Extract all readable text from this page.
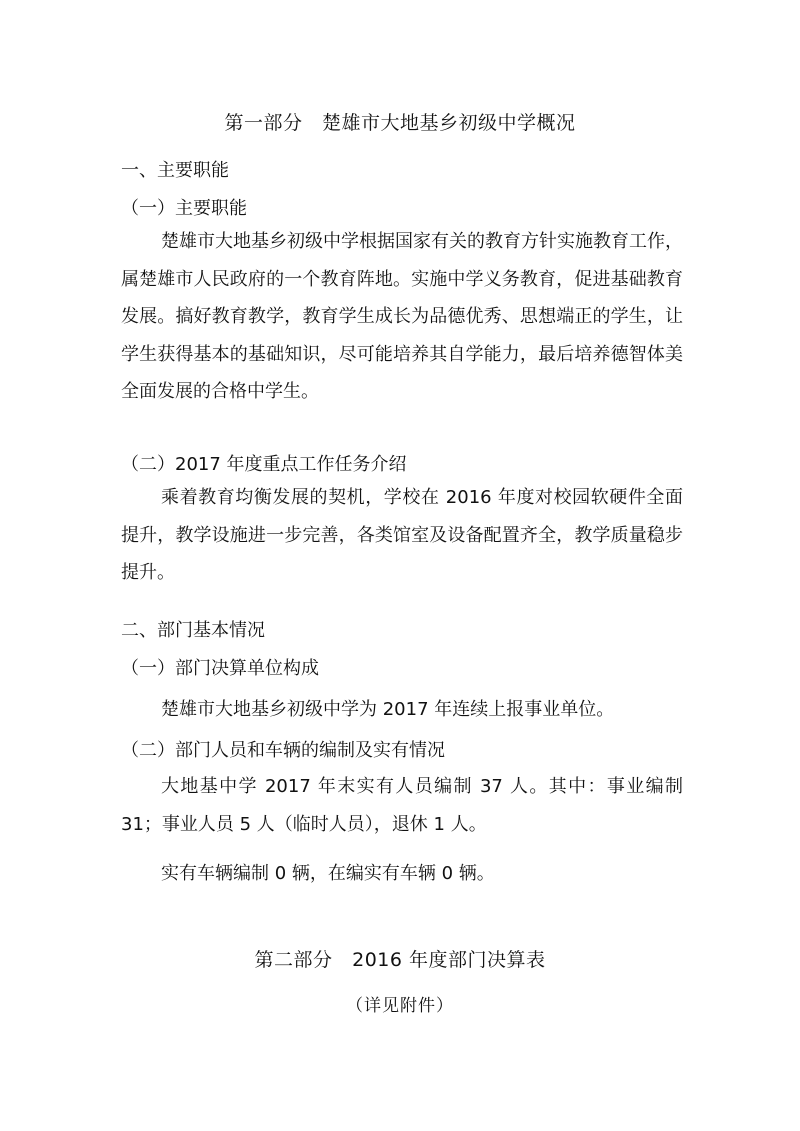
第一部分   楚雄市大地基乡初级中学概况
一、主要职能
（一）主要职能

楚雄市大地基乡初级中学根据国家有关的教育方针实施教育工作，属楚雄市人民政府的一个教育阵地。实施中学义务教育，促进基础教育发展。搞好教育教学，教育学生成长为品德优秀、思想端正的学生，让学生获得基本的基础知识，尽可能培养其自学能力，最后培养德智体美全面发展的合格中学生。

（二）2017 年度重点工作任务介绍

乘着教育均衡发展的契机，学校在 2016 年度对校园软硬件全面提升，教学设施进一步完善，各类馆室及设备配置齐全，教学质量稳步提升。

二、部门基本情况
（一）部门决算单位构成
楚雄市大地基乡初级中学为 2017 年连续上报事业单位。
（二）部门人员和车辆的编制及实有情况

大地基中学 2017 年末实有人员编制 37 人。其中：事业编制 31；事业人员 5 人（临时人员），退休 1 人。

实有车辆编制 0 辆，在编实有车辆 0 辆。
第二部分   2016 年度部门决算表
（详见附件）
